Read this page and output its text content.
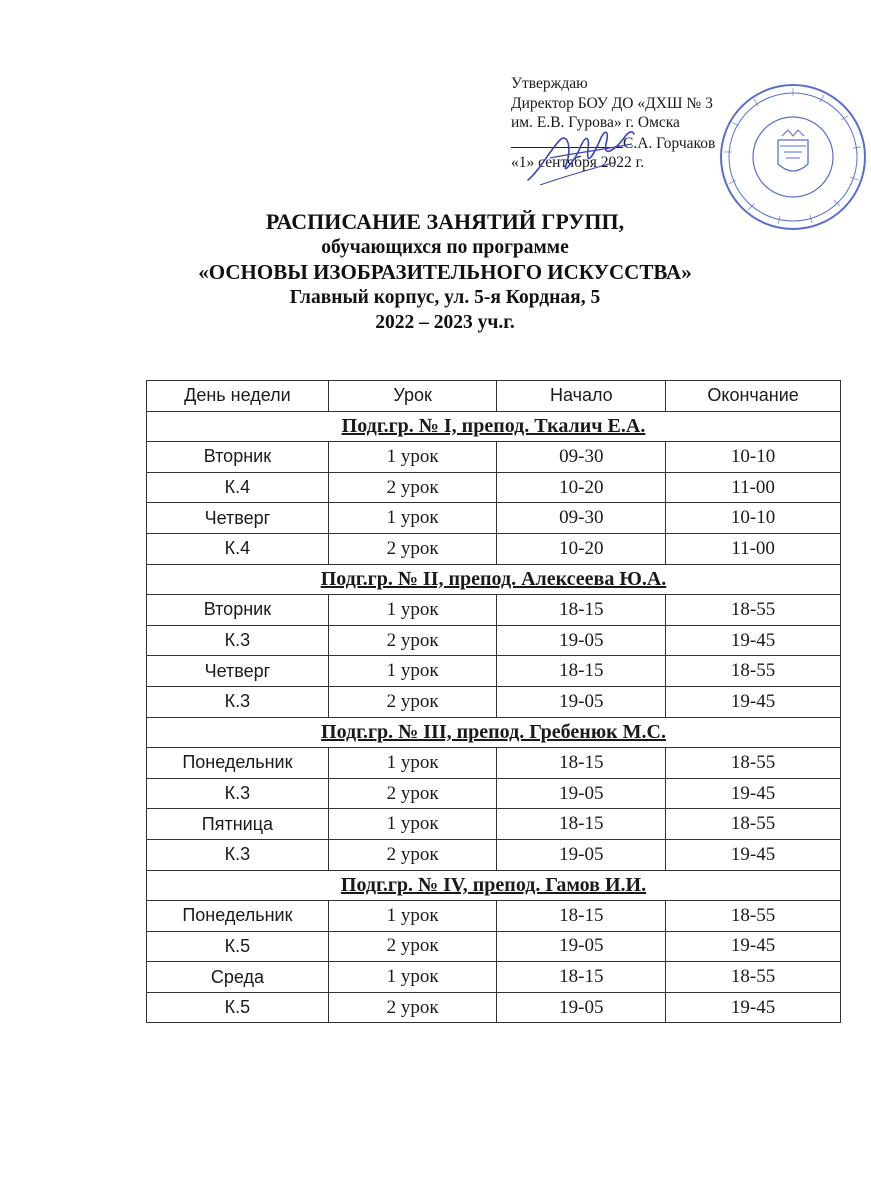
Утверждаю
Директор БОУ ДО «ДХШ № 3
им. Е.В. Гурова» г. Омска
С.А. Горчаков
«1» сентября 2022 г.
РАСПИСАНИЕ ЗАНЯТИЙ ГРУПП,
обучающихся по программе
«ОСНОВЫ ИЗОБРАЗИТЕЛЬНОГО ИСКУССТВА»
Главный корпус, ул. 5-я Кордная, 5
2022 – 2023 уч.г.
День недели	Урок	Начало	Окончание
Подг.гр. № I, препод. Ткалич Е.А.			
Вторник	1 урок	09-30	10-10
К.4	2 урок	10-20	11-00
Четверг	1 урок	09-30	10-10
К.4	2 урок	10-20	11-00
Подг.гр. № II, препод. Алексеева Ю.А.			
Вторник	1 урок	18-15	18-55
К.3	2 урок	19-05	19-45
Четверг	1 урок	18-15	18-55
К.3	2 урок	19-05	19-45
Подг.гр. № III, препод. Гребенюк М.С.			
Понедельник	1 урок	18-15	18-55
К.3	2 урок	19-05	19-45
Пятница	1 урок	18-15	18-55
К.3	2 урок	19-05	19-45
Подг.гр. № IV, препод. Гамов И.И.			
Понедельник	1 урок	18-15	18-55
К.5	2 урок	19-05	19-45
Среда	1 урок	18-15	18-55
К.5	2 урок	19-05	19-45
